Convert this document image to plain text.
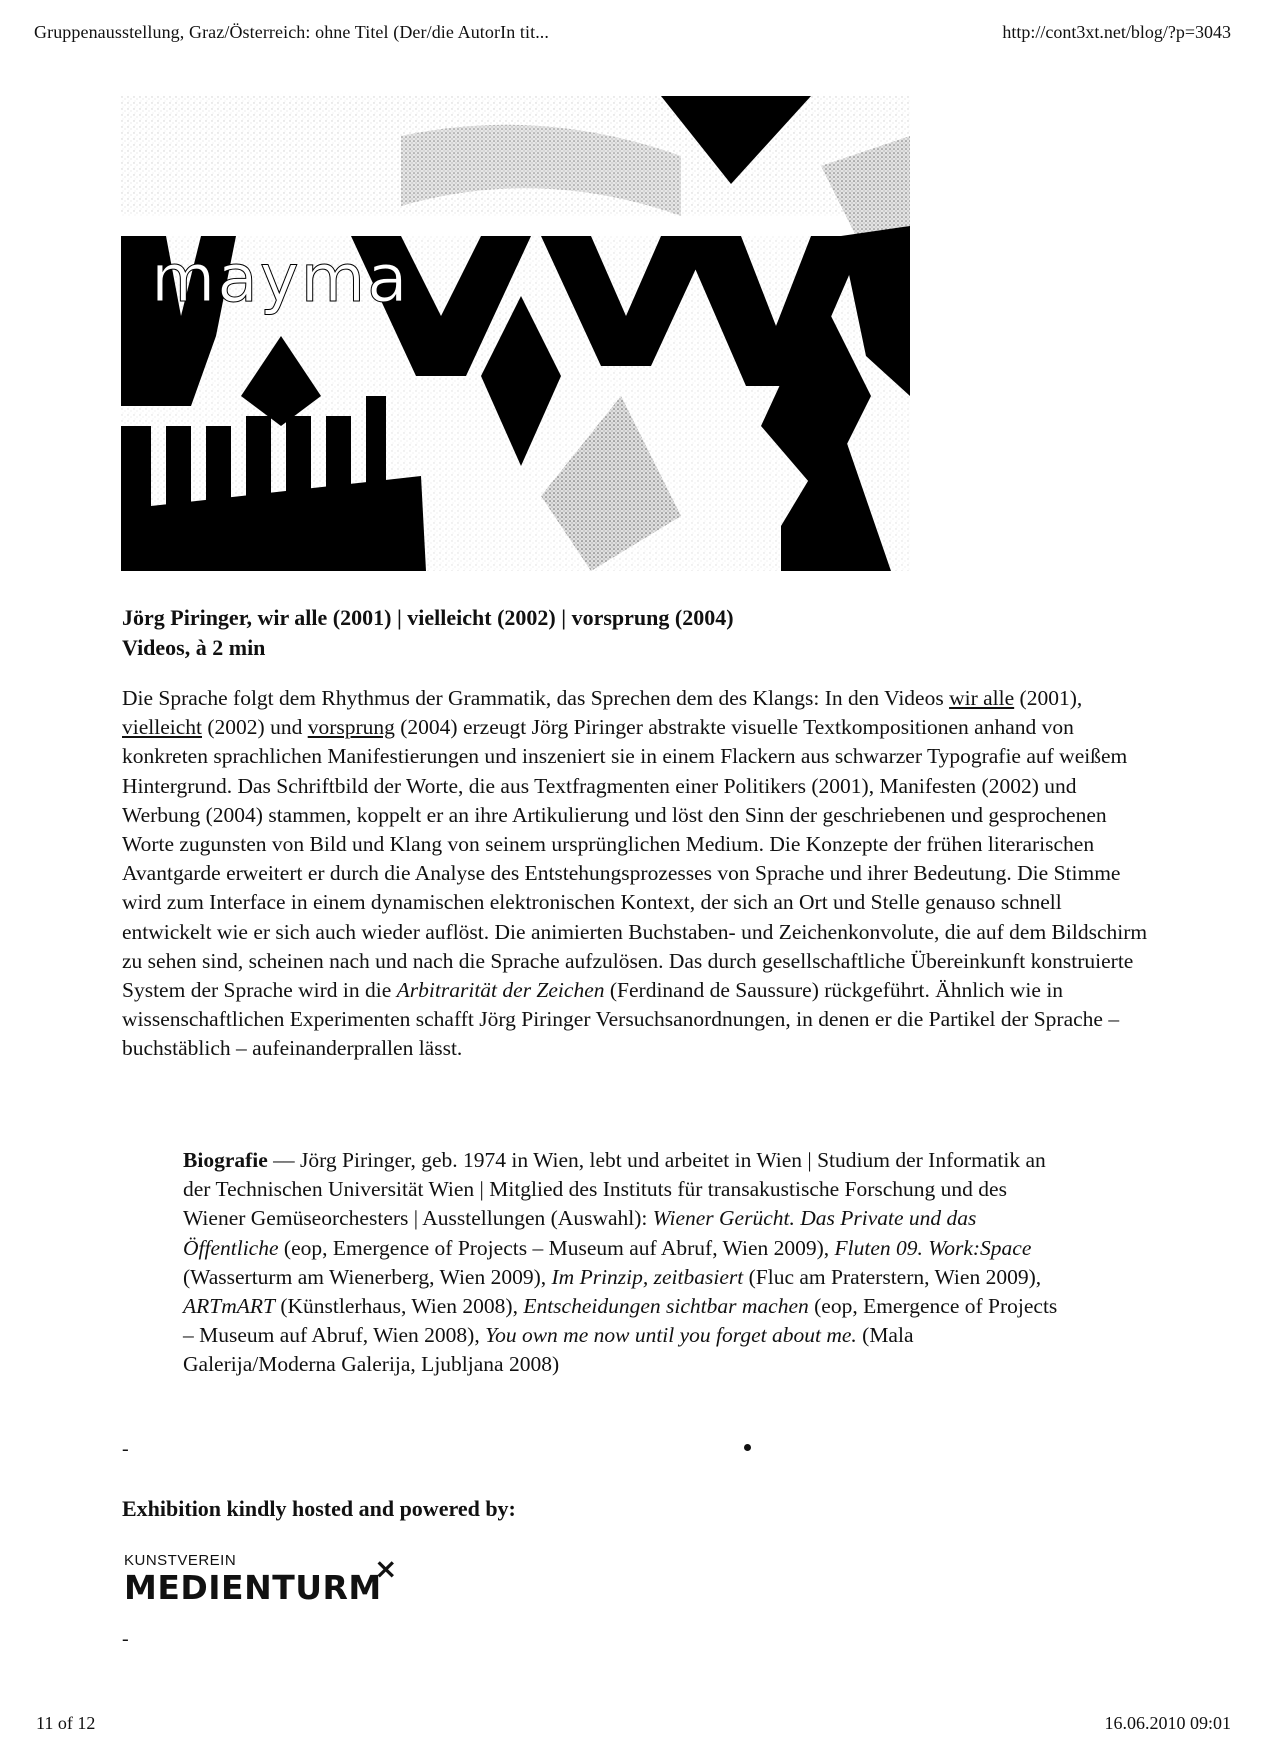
Gruppenausstellung, Graz/Österreich: ohne Titel (Der/die AutorIn tit...	http://cont3xt.net/blog/?p=3043
mayma
Jörg Piringer, wir alle (2001) | vielleicht (2002) | vorsprung (2004)
Videos, à 2 min
Die Sprache folgt dem Rhythmus der Grammatik, das Sprechen dem des Klangs: In den Videos wir alle (2001), vielleicht (2002) und vorsprung (2004) erzeugt Jörg Piringer abstrakte visuelle Textkompositionen anhand von konkreten sprachlichen Manifestierungen und inszeniert sie in einem Flackern aus schwarzer Typografie auf weißem Hintergrund. Das Schriftbild der Worte, die aus Textfragmenten einer Politikers (2001), Manifesten (2002) und Werbung (2004) stammen, koppelt er an ihre Artikulierung und löst den Sinn der geschriebenen und gesprochenen Worte zugunsten von Bild und Klang von seinem ursprünglichen Medium. Die Konzepte der frühen literarischen Avantgarde erweitert er durch die Analyse des Entstehungsprozesses von Sprache und ihrer Bedeutung. Die Stimme wird zum Interface in einem dynamischen elektronischen Kontext, der sich an Ort und Stelle genauso schnell entwickelt wie er sich auch wieder auflöst. Die animierten Buchstaben- und Zeichenkonvolute, die auf dem Bildschirm zu sehen sind, scheinen nach und nach die Sprache aufzulösen. Das durch gesellschaftliche Übereinkunft konstruierte System der Sprache wird in die Arbitrarität der Zeichen (Ferdinand de Saussure) rückgeführt. Ähnlich wie in wissenschaftlichen Experimenten schafft Jörg Piringer Versuchsanordnungen, in denen er die Partikel der Sprache – buchstäblich – aufeinanderprallen lässt.
Biografie –– Jörg Piringer, geb. 1974 in Wien, lebt und arbeitet in Wien | Studium der Informatik an der Technischen Universität Wien | Mitglied des Instituts für transakustische Forschung und des Wiener Gemüseorchesters | Ausstellungen (Auswahl): Wiener Gerücht. Das Private und das Öffentliche (eop, Emergence of Projects – Museum auf Abruf, Wien 2009), Fluten 09. Work:Space (Wasserturm am Wienerberg, Wien 2009), Im Prinzip, zeitbasiert (Fluc am Praterstern, Wien 2009), ARTmART (Künstlerhaus, Wien 2008), Entscheidungen sichtbar machen (eop, Emergence of Projects – Museum auf Abruf, Wien 2008), You own me now until you forget about me. (Mala Galerija/Moderna Galerija, Ljubljana 2008)
-
Exhibition kindly hosted and powered by:
KUNSTVEREIN
MEDIENTURM
×
-
11 of 12	16.06.2010 09:01
